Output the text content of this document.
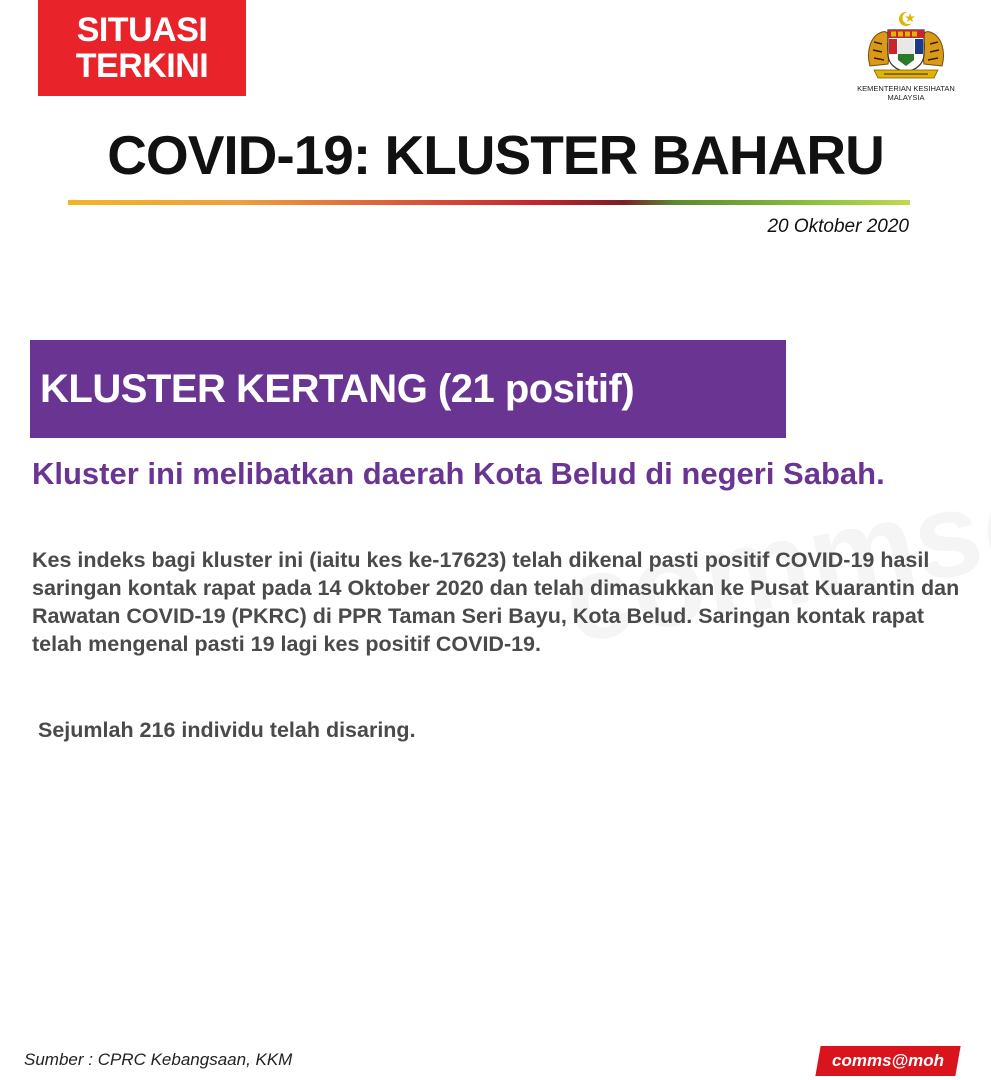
SITUASI
TERKINI
KEMENTERIAN KESIHATAN
MALAYSIA
COVID-19: KLUSTER BAHARU
20 Oktober 2020
KLUSTER KERTANG (21 positif)
Kluster ini melibatkan daerah Kota Belud di negeri Sabah.
Kes indeks bagi kluster ini (iaitu kes ke-17623) telah dikenal pasti positif COVID-19 hasil saringan kontak rapat pada 14 Oktober 2020 dan telah dimasukkan ke Pusat Kuarantin dan Rawatan COVID-19 (PKRC) di PPR Taman Seri Bayu, Kota Belud. Saringan kontak rapat telah mengenal pasti 19 lagi kes positif COVID-19.
Sejumlah 216 individu telah disaring.
Sumber : CPRC Kebangsaan, KKM	comms@moh
